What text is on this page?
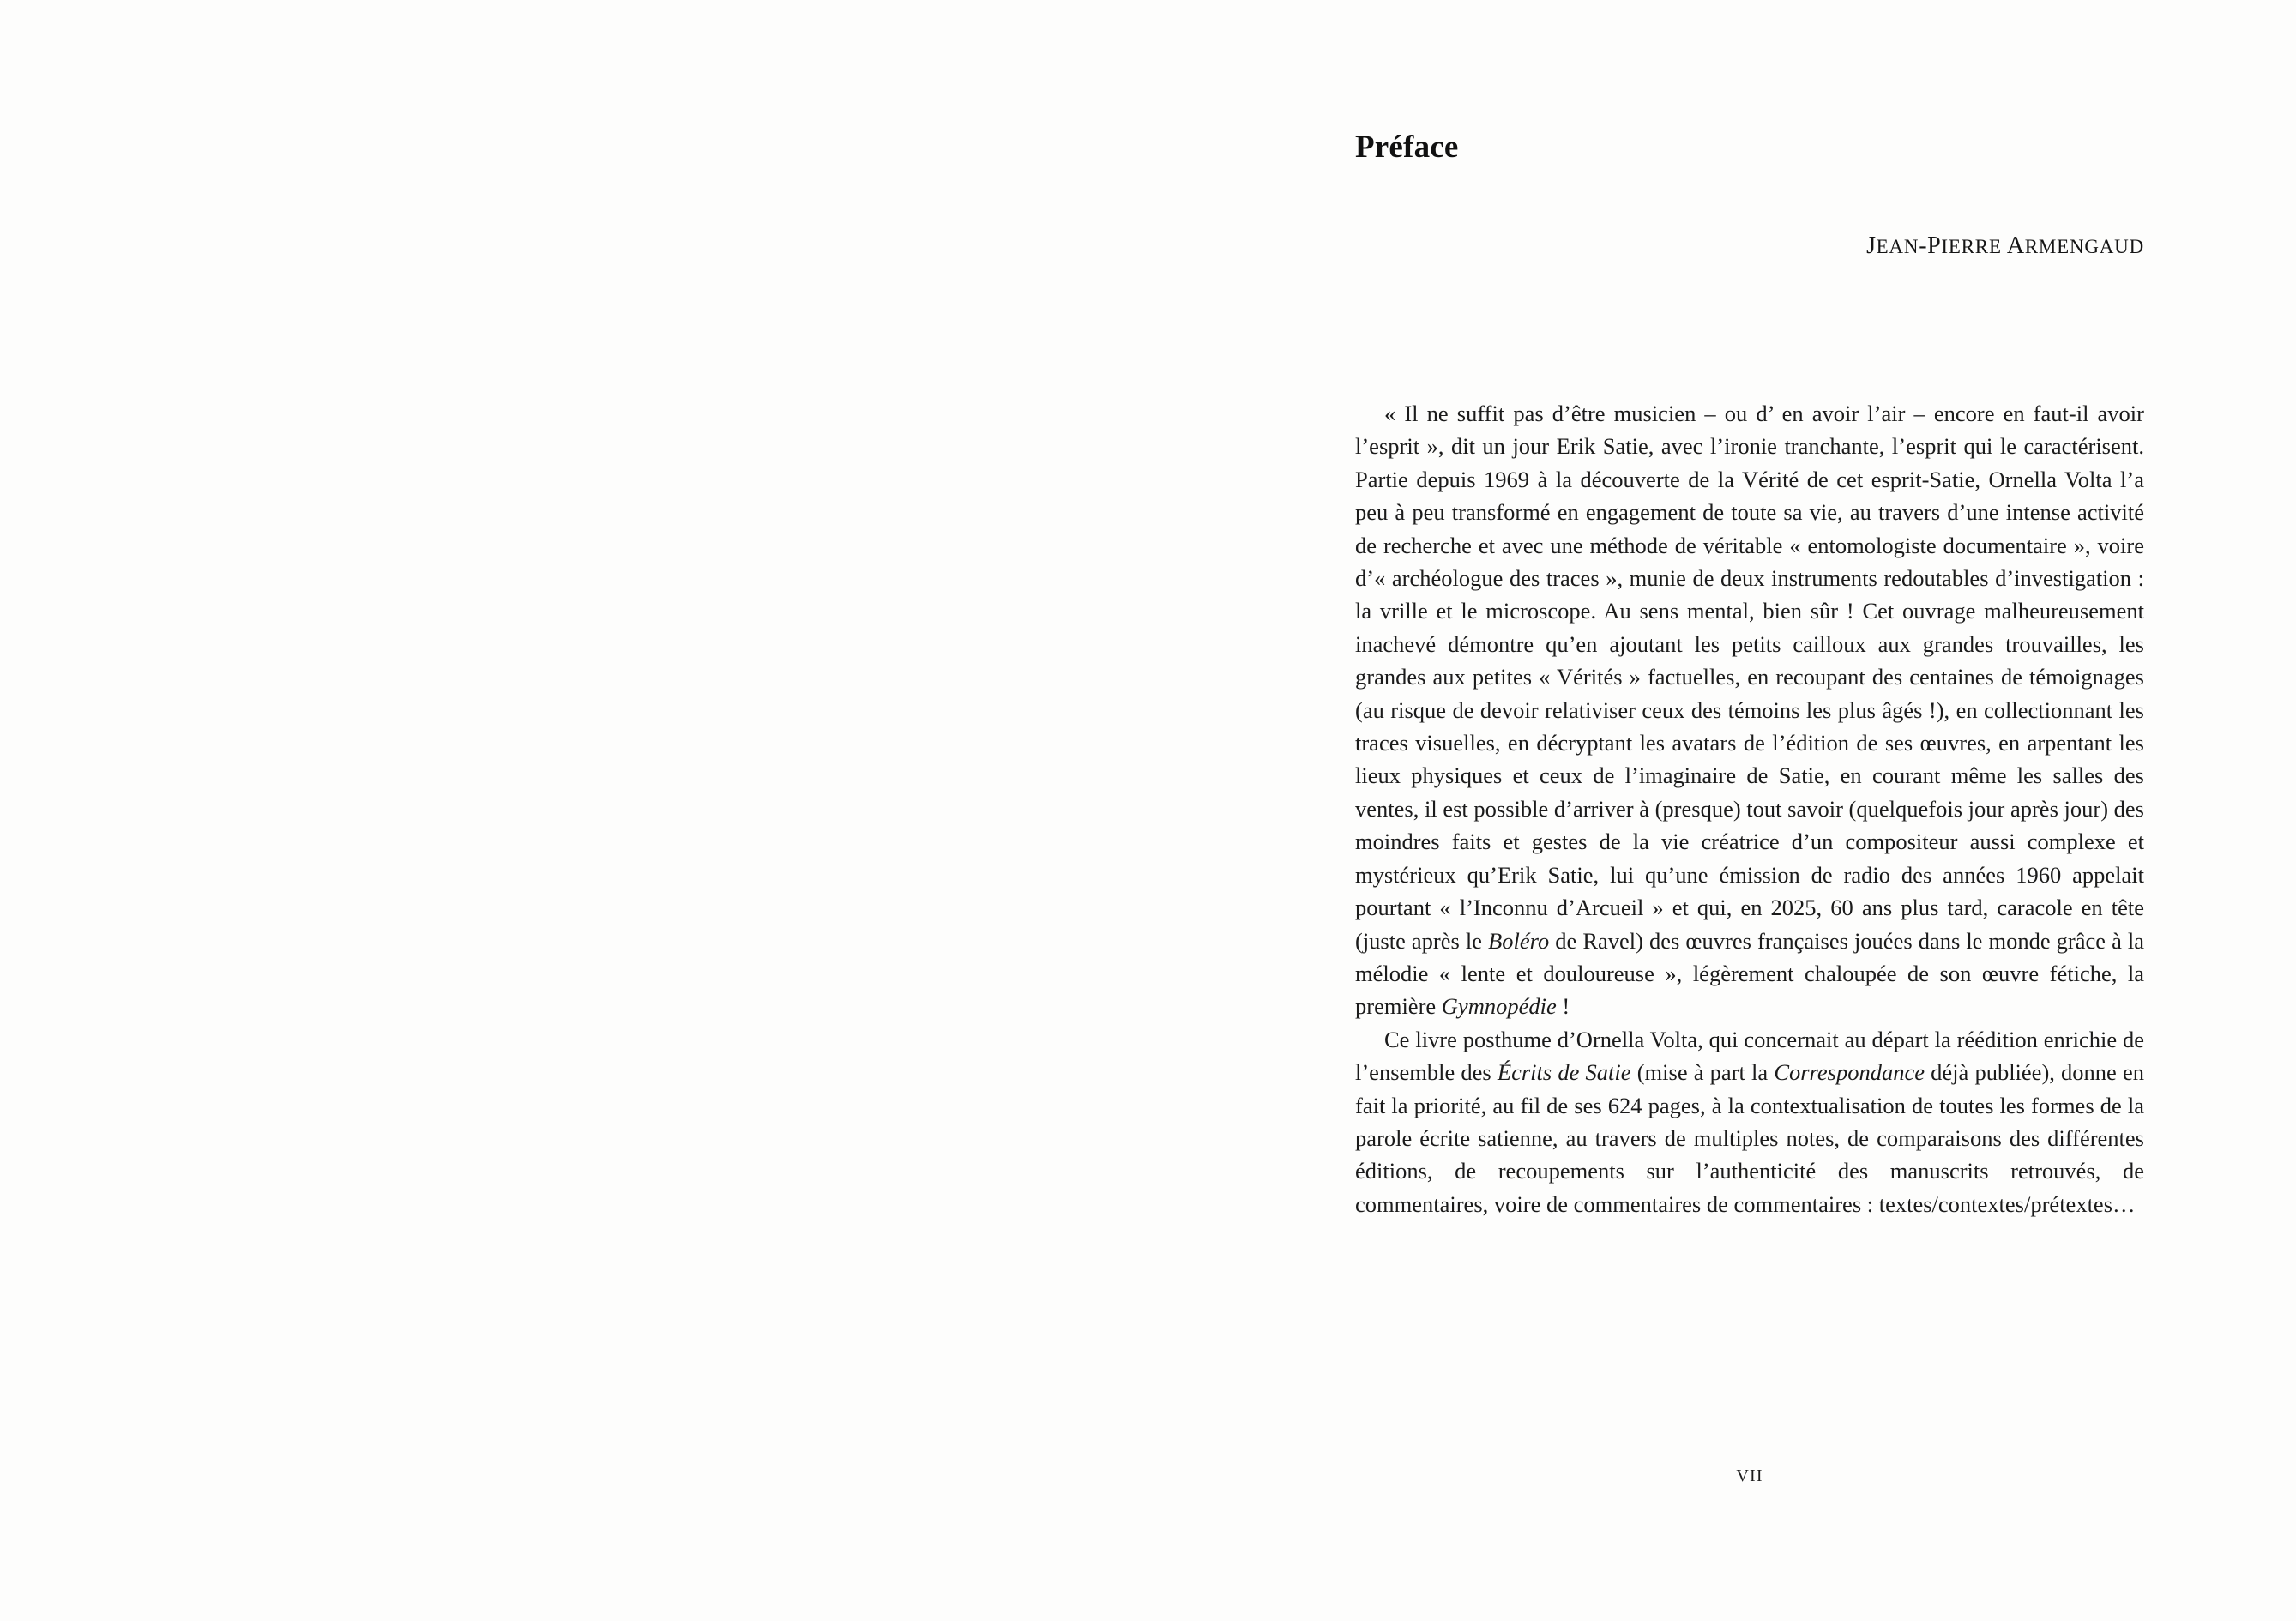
Préface
JEAN-PIERRE ARMENGAUD

« Il ne suffit pas d’être musicien – ou d’ en avoir l’air – encore en faut-il avoir l’esprit », dit un jour Erik Satie, avec l’ironie tranchante, l’esprit qui le caractérisent. Partie depuis 1969 à la découverte de la Vérité de cet esprit-Satie, Ornella Volta l’a peu à peu transformé en engagement de toute sa vie, au travers d’une intense activité de recherche et avec une méthode de véritable « entomologiste documentaire », voire d’« archéologue des traces », munie de deux instruments redoutables d’investigation : la vrille et le microscope. Au sens mental, bien sûr ! Cet ouvrage malheureusement inachevé démontre qu’en ajoutant les petits cailloux aux grandes trouvailles, les grandes aux petites « Vérités » factuelles, en recoupant des centaines de témoignages (au risque de devoir relativiser ceux des témoins les plus âgés !), en collectionnant les traces visuelles, en décryptant les avatars de l’édition de ses œuvres, en arpentant les lieux physiques et ceux de l’imaginaire de Satie, en courant même les salles des ventes, il est possible d’arriver à (presque) tout savoir (quelquefois jour après jour) des moindres faits et gestes de la vie créatrice d’un compositeur aussi complexe et mystérieux qu’Erik Satie, lui qu’une émission de radio des années 1960 appelait pourtant « l’Inconnu d’Arcueil » et qui, en 2025, 60 ans plus tard, caracole en tête (juste après le Boléro de Ravel) des œuvres françaises jouées dans le monde grâce à la mélodie « lente et douloureuse », légèrement chaloupée de son œuvre fétiche, la première Gymnopédie !

Ce livre posthume d’Ornella Volta, qui concernait au départ la réédition enrichie de l’ensemble des Écrits de Satie (mise à part la Correspondance déjà publiée), donne en fait la priorité, au fil de ses 624 pages, à la contextualisation de toutes les formes de la parole écrite satienne, au travers de multiples notes, de comparaisons des différentes éditions, de recoupements sur l’authenticité des manuscrits retrouvés, de commentaires, voire de commentaires de commentaires : textes/contextes/prétextes…

VII
